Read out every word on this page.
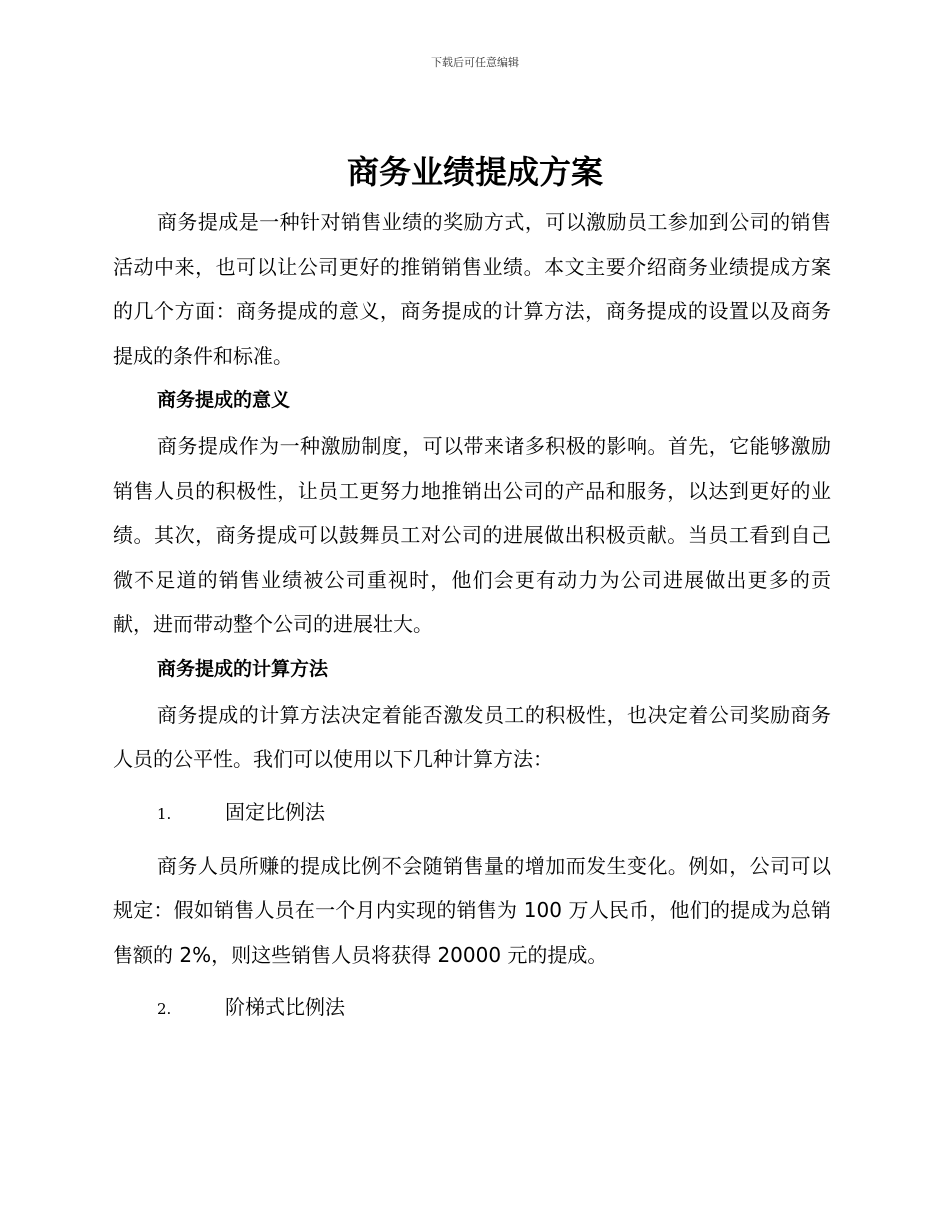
下载后可任意编辑
商务业绩提成方案

商务提成是一种针对销售业绩的奖励方式，可以激励员工参加到公司的销售活动中来，也可以让公司更好的推销销售业绩。本文主要介绍商务业绩提成方案的几个方面：商务提成的意义，商务提成的计算方法，商务提成的设置以及商务提成的条件和标准。

商务提成的意义

商务提成作为一种激励制度，可以带来诸多积极的影响。首先，它能够激励销售人员的积极性，让员工更努力地推销出公司的产品和服务，以达到更好的业绩。其次，商务提成可以鼓舞员工对公司的进展做出积极贡献。当员工看到自己微不足道的销售业绩被公司重视时，他们会更有动力为公司进展做出更多的贡献，进而带动整个公司的进展壮大。

商务提成的计算方法

商务提成的计算方法决定着能否激发员工的积极性，也决定着公司奖励商务人员的公平性。我们可以使用以下几种计算方法：

1.	固定比例法

商务人员所赚的提成比例不会随销售量的增加而发生变化。例如，公司可以规定：假如销售人员在一个月内实现的销售为 100 万人民币，他们的提成为总销售额的 2%，则这些销售人员将获得 20000 元的提成。

2.	阶梯式比例法
